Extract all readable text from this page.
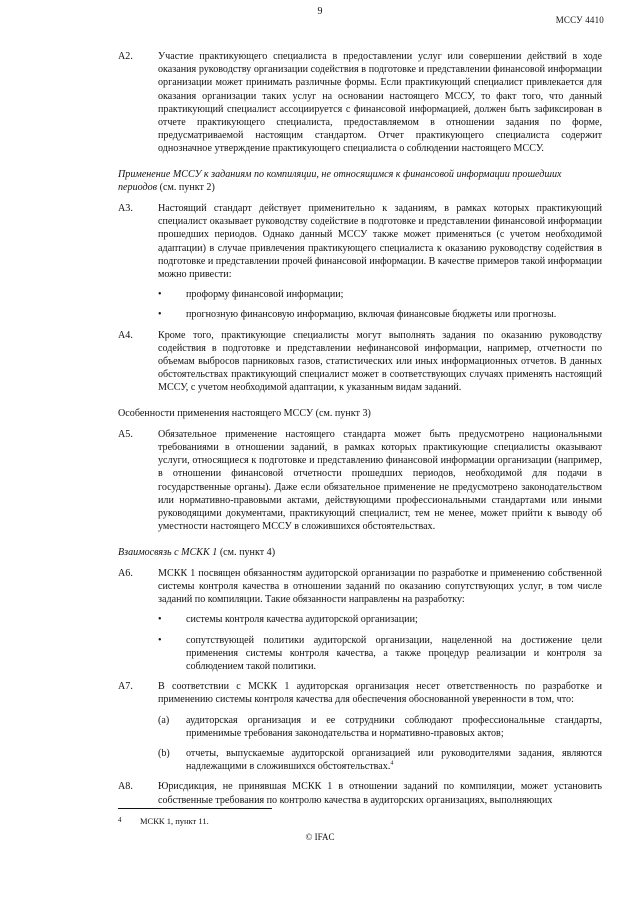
9
МССУ 4410
A2. Участие практикующего специалиста в предоставлении услуг или совершении действий в ходе оказания руководству организации содействия в подготовке и представлении финансовой информации организации может принимать различные формы. Если практикующий специалист привлекается для оказания организации таких услуг на основании настоящего МССУ, то факт того, что данный практикующий специалист ассоциируется с финансовой информацией, должен быть зафиксирован в отчете практикующего специалиста, предоставляемом в отношении задания по форме, предусматриваемой настоящим стандартом. Отчет практикующего специалиста содержит однозначное утверждение практикующего специалиста о соблюдении настоящего МССУ.
Применение МССУ к заданиям по компиляции, не относящимся к финансовой информации прошедших периодов (см. пункт 2)
A3. Настоящий стандарт действует применительно к заданиям, в рамках которых практикующий специалист оказывает руководству содействие в подготовке и представлении финансовой информации прошедших периодов. Однако данный МССУ также может применяться (с учетом необходимой адаптации) в случае привлечения практикующего специалиста к оказанию руководству содействия в подготовке и представлении прочей финансовой информации. В качестве примеров такой информации можно привести:
• проформу финансовой информации;
• прогнозную финансовую информацию, включая финансовые бюджеты или прогнозы.
A4. Кроме того, практикующие специалисты могут выполнять задания по оказанию руководству содействия в подготовке и представлении нефинансовой информации, например, отчетности по объемам выбросов парниковых газов, статистических или иных информационных отчетов. В данных обстоятельствах практикующий специалист может в соответствующих случаях применять настоящий МССУ, с учетом необходимой адаптации, к указанным видам заданий.
Особенности применения настоящего МССУ (см. пункт 3)
A5. Обязательное применение настоящего стандарта может быть предусмотрено национальными требованиями в отношении заданий, в рамках которых практикующие специалисты оказывают услуги, относящиеся к подготовке и представлению финансовой информации организации (например, в отношении финансовой отчетности прошедших периодов, необходимой для подачи в государственные органы). Даже если обязательное применение не предусмотрено законодательством или нормативно-правовыми актами, действующими профессиональными стандартами или иными руководящими документами, практикующий специалист, тем не менее, может прийти к выводу об уместности настоящего МССУ в сложившихся обстоятельствах.
Взаимосвязь с МСКК 1 (см. пункт 4)
A6. МСКК 1 посвящен обязанностям аудиторской организации по разработке и применению собственной системы контроля качества в отношении заданий по оказанию сопутствующих услуг, в том числе заданий по компиляции. Такие обязанности направлены на разработку:
• системы контроля качества аудиторской организации;
• сопутствующей политики аудиторской организации, нацеленной на достижение цели применения системы контроля качества, а также процедур реализации и контроля за соблюдением такой политики.
A7. В соответствии с МСКК 1 аудиторская организация несет ответственность по разработке и применению системы контроля качества для обеспечения обоснованной уверенности в том, что:
(a) аудиторская организация и ее сотрудники соблюдают профессиональные стандарты, применимые требования законодательства и нормативно-правовых актов;
(b) отчеты, выпускаемые аудиторской организацией или руководителями задания, являются надлежащими в сложившихся обстоятельствах.$^4$
A8. Юрисдикция, не принявшая МСКК 1 в отношении заданий по компиляции, может установить собственные требования по контролю качества в аудиторских организациях, выполняющих
4 МСКК 1, пункт 11.
© IFAC
